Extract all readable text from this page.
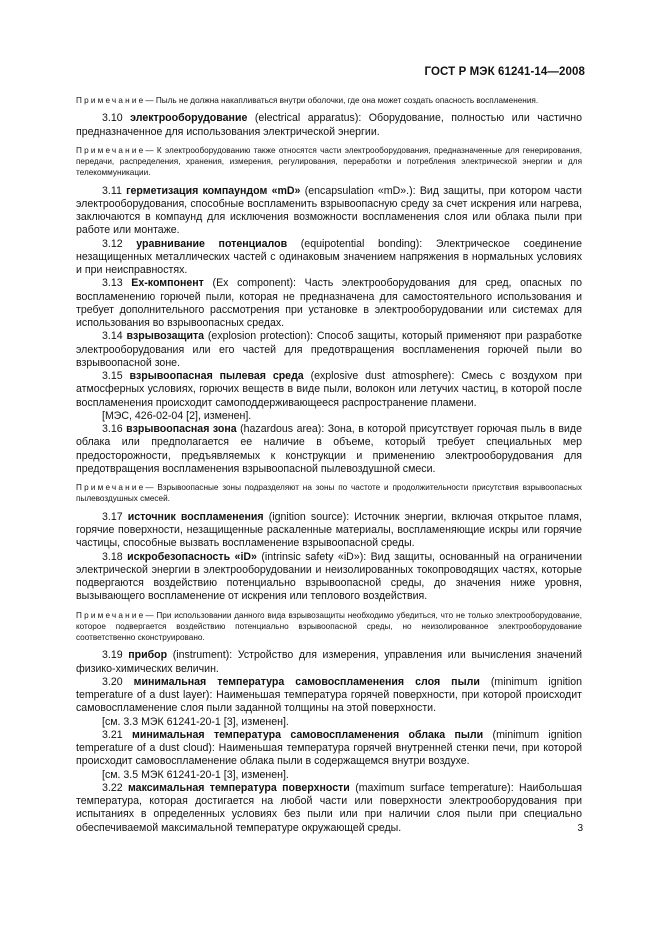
ГОСТ Р МЭК 61241-14—2008

Примечание— Пыль не должна накапливаться внутри оболочки, где она может создать опасность воспламенения.

3.10 электрооборудование (electrical apparatus): Оборудование, полностью или частично предназначенное для использования электрической энергии.

Примечание— К электрооборудованию также относятся части электрооборудования, предназначенные для генерирования, передачи, распределения, хранения, измерения, регулирования, переработки и потребления электрической энергии и для телекоммуникации.

3.11 герметизация компаундом «mD» (encapsulation «mD».): Вид защиты, при котором части электрооборудования, способные воспламенить взрывоопасную среду за счет искрения или нагрева, заключаются в компаунд для исключения возможности воспламенения слоя или облака пыли при работе или монтаже.

3.12 уравнивание потенциалов (equipotential bonding): Электрическое соединение незащищенных металлических частей с одинаковым значением напряжения в нормальных условиях и при неисправностях.

3.13 Ех-компонент (Ex component): Часть электрооборудования для сред, опасных по воспламенению горючей пыли, которая не предназначена для самостоятельного использования и требует дополнительного рассмотрения при установке в электрооборудовании или системах для использования во взрывоопасных средах.

3.14 взрывозащита (explosion protection): Способ защиты, который применяют при разработке электрооборудования или его частей для предотвращения воспламенения горючей пыли во взрывоопасной зоне.

3.15 взрывоопасная пылевая среда (explosive dust atmosphere): Смесь с воздухом при атмосферных условиях, горючих веществ в виде пыли, волокон или летучих частиц, в которой после воспламенения происходит самоподдерживающееся распространение пламени.

[МЭС, 426-02-04 [2], изменен].

3.16 взрывоопасная зона (hazardous area): Зона, в которой присутствует горючая пыль в виде облака или предполагается ее наличие в объеме, который требует специальных мер предосторожности, предъявляемых к конструкции и применению электрооборудования для предотвращения воспламенения взрывоопасной пылевоздушной смеси.

Примечание— Взрывоопасные зоны подразделяют на зоны по частоте и продолжительности присутствия взрывоопасных пылевоздушных смесей.

3.17 источник воспламенения (ignition source): Источник энергии, включая открытое пламя, горячие поверхности, незащищенные раскаленные материалы, воспламеняющие искры или горячие частицы, способные вызвать воспламенение взрывоопасной среды.

3.18 искробезопасность «iD» (intrinsic safety «iD»): Вид защиты, основанный на ограничении электрической энергии в электрооборудовании и неизолированных токопроводящих частях, которые подвергаются воздействию потенциально взрывоопасной среды, до значения ниже уровня, вызывающего воспламенение от искрения или теплового воздействия.

Примечание— При использовании данного вида взрывозащиты необходимо убедиться, что не только электрооборудование, которое подвергается воздействию потенциально взрывоопасной среды, но неизолированное электрооборудование соответственно сконструировано.

3.19 прибор (instrument): Устройство для измерения, управления или вычисления значений физико-химических величин.

3.20 минимальная температура самовоспламенения слоя пыли (minimum ignition temperature of a dust layer): Наименьшая температура горячей поверхности, при которой происходит самовоспламенение слоя пыли заданной толщины на этой поверхности.

[см. 3.3 МЭК 61241-20-1 [3], изменен].

3.21 минимальная температура самовоспламенения облака пыли (minimum ignition temperature of a dust cloud): Наименьшая температура горячей внутренней стенки печи, при которой происходит самовоспламенение облака пыли в содержащемся внутри воздухе.

[см. 3.5 МЭК 61241-20-1 [3], изменен].

3.22 максимальная температура поверхности (maximum surface temperature): Наибольшая температура, которая достигается на любой части или поверхности электрооборудования при испытаниях в определенных условиях без пыли или при наличии слоя пыли при специально обеспечиваемой максимальной температуре окружающей среды.	3
